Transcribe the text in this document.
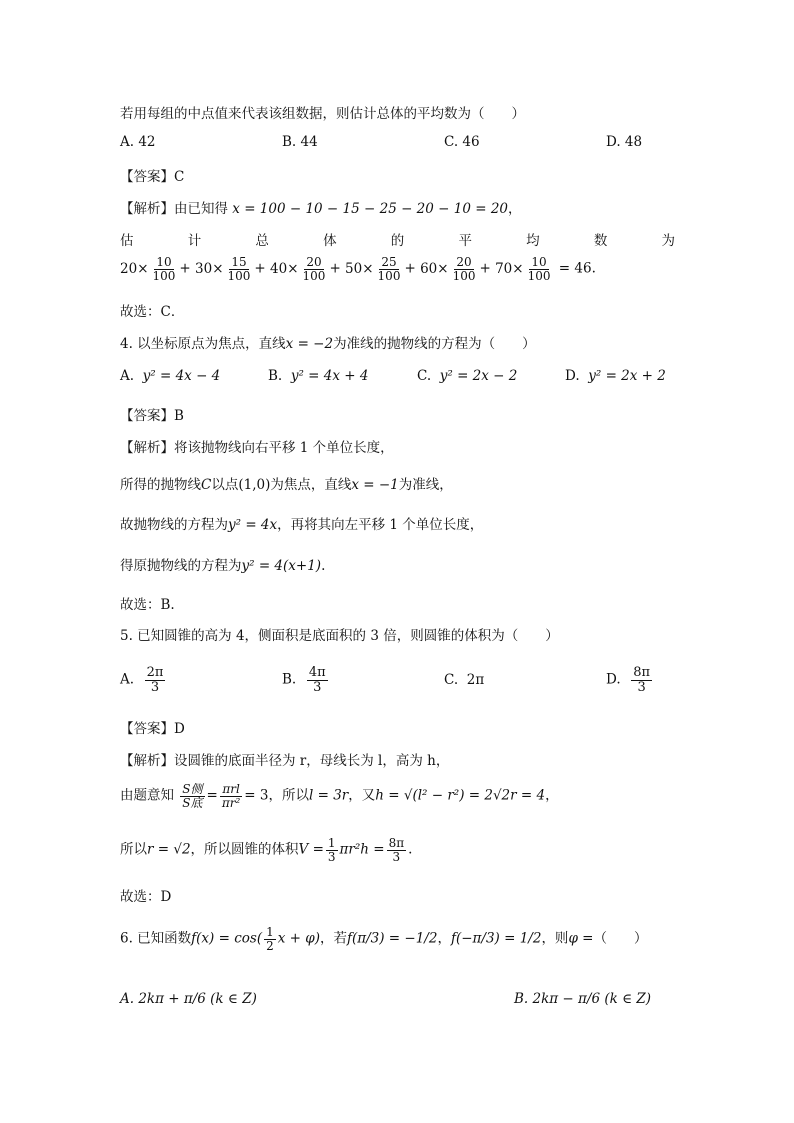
若用每组的中点值来代表该组数据，则估计总体的平均数为（　　）
A. 42	B. 44	C. 46	D. 48
【答案】C
【解析】由已知得 x = 100 − 10 − 15 − 25 − 20 − 10 = 20，
估	计	总	体	的	平	均	数	为
$20\times \frac{10}{100} + 30\times \frac{15}{100} + 40\times \frac{20}{100} + 50\times \frac{25}{100} + 60\times \frac{20}{100} + 70\times \frac{10}{100} = 46$.
故选：C．
4. 以坐标原点为焦点，直线x = −2为准线的抛物线的方程为（　　）
A. y² = 4x − 4	B. y² = 4x + 4	C. y² = 2x − 2	D. y² = 2x + 2
【答案】B
【解析】将该抛物线向右平移 1 个单位长度，
所得的抛物线C以点(1,0)为焦点，直线x = −1为准线，
故抛物线的方程为y² = 4x，再将其向左平移 1 个单位长度，
得原抛物线的方程为y² = 4(x+1).
故选：B.
5. 已知圆锥的高为 4，侧面积是底面积的 3 倍，则圆锥的体积为（　　）
A. $\frac{2\pi}{3}$	B. $\frac{4\pi}{3}$	C. 2π	D. $\frac{8\pi}{3}$
【答案】D
【解析】设圆锥的底面半径为 r，母线长为 l，高为 h，
由题意知 $\frac{\text{S侧}}{\text{S底}} = \frac{\text{πrl}}{\text{πr²}} = 3$，所以l = 3r，又h = √(l² − r²) = 2√2r = 4，
所以r = √2，所以圆锥的体积$V = \frac{1}{3} \pi r^2h = \frac{8\pi}{3}$ .
故选：D
6. 已知函数$f(x) = \cos( \frac{1}{2}$ x + φ)，若f(π/3) = −1/2，f(−π/3) = 1/2，则φ =（　　）
A. 2kπ + π/6 (k ∈ Z)	B. 2kπ − π/6 (k ∈ Z)
